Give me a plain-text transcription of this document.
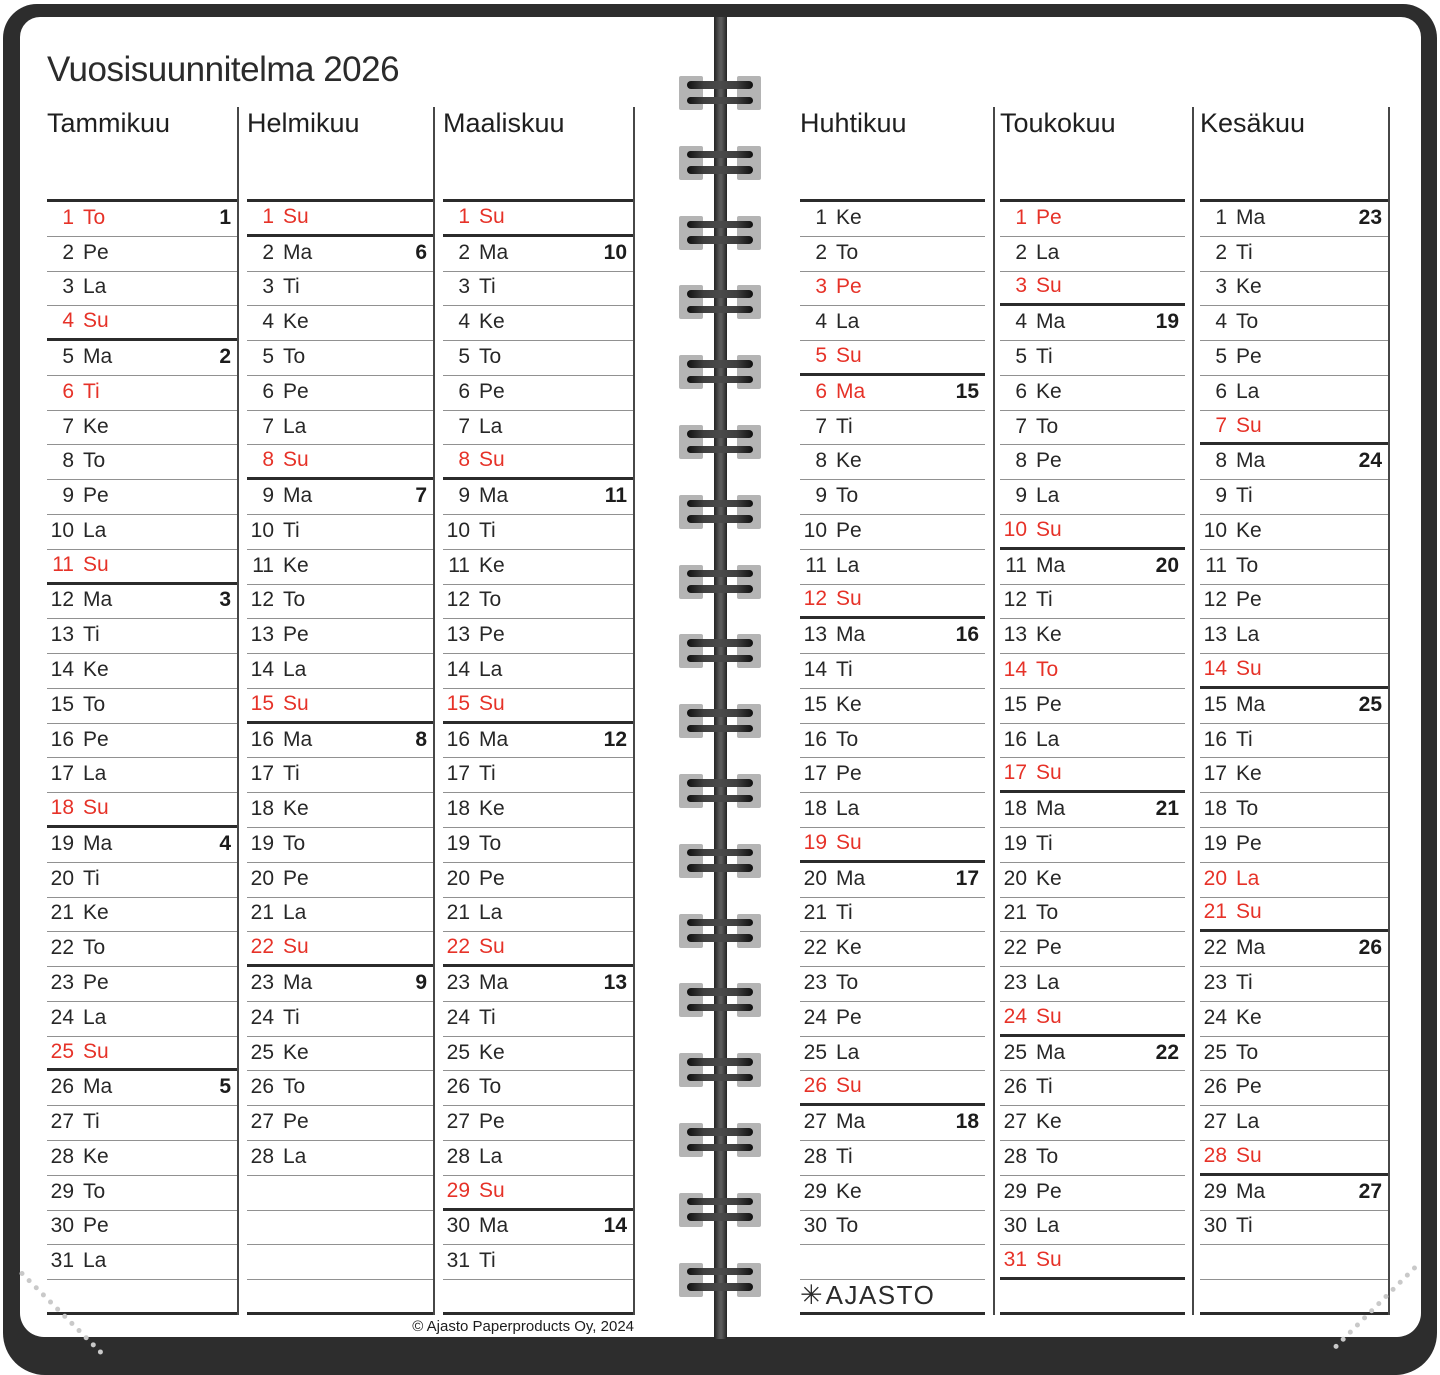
Vuosisuunnitelma 2026
Tammikuu
1 To	1
2 Pe
3 La
4 Su
5 Ma	2
6 Ti
7 Ke
8 To
9 Pe
10 La
11 Su
12 Ma	3
13 Ti
14 Ke
15 To
16 Pe
17 La
18 Su
19 Ma	4
20 Ti
21 Ke
22 To
23 Pe
24 La
25 Su
26 Ma	5
27 Ti
28 Ke
29 To
30 Pe
31 La
Helmikuu
1 Su
2 Ma	6
3 Ti
4 Ke
5 To
6 Pe
7 La
8 Su
9 Ma	7
10 Ti
11 Ke
12 To
13 Pe
14 La
15 Su
16 Ma	8
17 Ti
18 Ke
19 To
20 Pe
21 La
22 Su
23 Ma	9
24 Ti
25 Ke
26 To
27 Pe
28 La
Maaliskuu
1 Su
2 Ma	10
3 Ti
4 Ke
5 To
6 Pe
7 La
8 Su
9 Ma	11
10 Ti
11 Ke
12 To
13 Pe
14 La
15 Su
16 Ma	12
17 Ti
18 Ke
19 To
20 Pe
21 La
22 Su
23 Ma	13
24 Ti
25 Ke
26 To
27 Pe
28 La
29 Su
30 Ma	14
31 Ti
Huhtikuu
1 Ke
2 To
3 Pe
4 La
5 Su
6 Ma	15
7 Ti
8 Ke
9 To
10 Pe
11 La
12 Su
13 Ma	16
14 Ti
15 Ke
16 To
17 Pe
18 La
19 Su
20 Ma	17
21 Ti
22 Ke
23 To
24 Pe
25 La
26 Su
27 Ma	18
28 Ti
29 Ke
30 To
✳ AJASTO
Toukokuu
1 Pe
2 La
3 Su
4 Ma	19
5 Ti
6 Ke
7 To
8 Pe
9 La
10 Su
11 Ma	20
12 Ti
13 Ke
14 To
15 Pe
16 La
17 Su
18 Ma	21
19 Ti
20 Ke
21 To
22 Pe
23 La
24 Su
25 Ma	22
26 Ti
27 Ke
28 To
29 Pe
30 La
31 Su
Kesäkuu
1 Ma	23
2 Ti
3 Ke
4 To
5 Pe
6 La
7 Su
8 Ma	24
9 Ti
10 Ke
11 To
12 Pe
13 La
14 Su
15 Ma	25
16 Ti
17 Ke
18 To
19 Pe
20 La
21 Su
22 Ma	26
23 Ti
24 Ke
25 To
26 Pe
27 La
28 Su
29 Ma	27
30 Ti
© Ajasto Paperproducts Oy, 2024
